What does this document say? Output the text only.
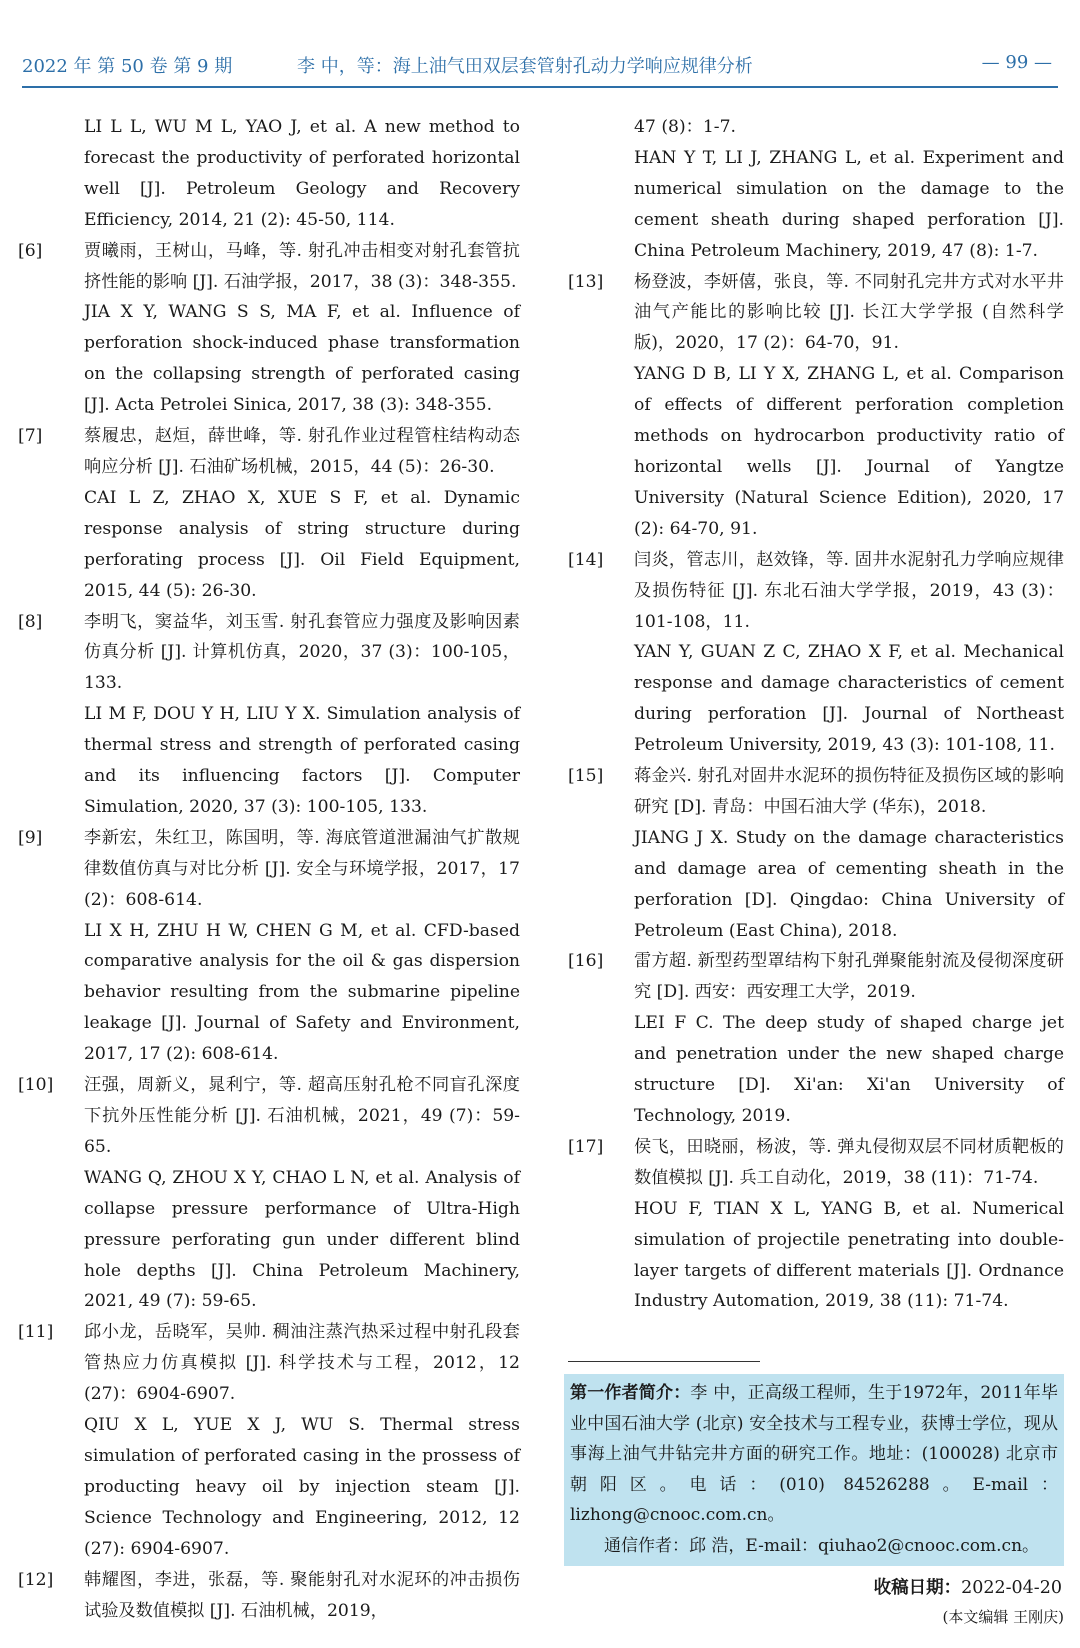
2022 年 第 50 卷 第 9 期	李 中，等：海上油气田双层套管射孔动力学响应规律分析	— 99 —
LI L L, WU M L, YAO J, et al. A new method to forecast the productivity of perforated horizontal well [J]. Petroleum Geology and Recovery Efficiency, 2014, 21 (2): 45-50, 114.
[6]	贾曦雨，王树山，马峰，等. 射孔冲击相变对射孔套管抗挤性能的影响 [J]. 石油学报，2017，38 (3)：348-355.
JIA X Y, WANG S S, MA F, et al. Influence of perforation shock-induced phase transformation on the collapsing strength of perforated casing [J]. Acta Petrolei Sinica, 2017, 38 (3): 348-355.
[7]	蔡履忠，赵烜，薛世峰，等. 射孔作业过程管柱结构动态响应分析 [J]. 石油矿场机械，2015，44 (5)：26-30.
CAI L Z, ZHAO X, XUE S F, et al. Dynamic response analysis of string structure during perforating process [J]. Oil Field Equipment, 2015, 44 (5): 26-30.
[8]	李明飞，窦益华，刘玉雪. 射孔套管应力强度及影响因素仿真分析 [J]. 计算机仿真，2020，37 (3)：100-105，133.
LI M F, DOU Y H, LIU Y X. Simulation analysis of thermal stress and strength of perforated casing and its influencing factors [J]. Computer Simulation, 2020, 37 (3): 100-105, 133.
[9]	李新宏，朱红卫，陈国明，等. 海底管道泄漏油气扩散规律数值仿真与对比分析 [J]. 安全与环境学报，2017，17 (2)：608-614.
LI X H, ZHU H W, CHEN G M, et al. CFD-based comparative analysis for the oil & gas dispersion behavior resulting from the submarine pipeline leakage [J]. Journal of Safety and Environment, 2017, 17 (2): 608-614.
[10]	汪强，周新义，晁利宁，等. 超高压射孔枪不同盲孔深度下抗外压性能分析 [J]. 石油机械，2021，49 (7)：59-65.
WANG Q, ZHOU X Y, CHAO L N, et al. Analysis of collapse pressure performance of Ultra-High pressure perforating gun under different blind hole depths [J]. China Petroleum Machinery, 2021, 49 (7): 59-65.
[11]	邱小龙，岳晓军，吴帅. 稠油注蒸汽热采过程中射孔段套管热应力仿真模拟 [J]. 科学技术与工程，2012，12 (27)：6904-6907.
QIU X L, YUE X J, WU S. Thermal stress simulation of perforated casing in the prossess of producting heavy oil by injection steam [J]. Science Technology and Engineering, 2012, 12 (27): 6904-6907.
[12]	韩耀图，李进，张磊，等. 聚能射孔对水泥环的冲击损伤试验及数值模拟 [J]. 石油机械，2019，
47 (8)：1-7.
HAN Y T, LI J, ZHANG L, et al. Experiment and numerical simulation on the damage to the cement sheath during shaped perforation [J]. China Petroleum Machinery, 2019, 47 (8): 1-7.
[13]	杨登波，李妍僖，张良，等. 不同射孔完井方式对水平井油气产能比的影响比较 [J]. 长江大学学报 (自然科学版)，2020，17 (2)：64-70，91.
YANG D B, LI Y X, ZHANG L, et al. Comparison of effects of different perforation completion methods on hydrocarbon productivity ratio of horizontal wells [J]. Journal of Yangtze University (Natural Science Edition), 2020, 17 (2): 64-70, 91.
[14]	闫炎，管志川，赵效锋，等. 固井水泥射孔力学响应规律及损伤特征 [J]. 东北石油大学学报，2019，43 (3)：101-108，11.
YAN Y, GUAN Z C, ZHAO X F, et al. Mechanical response and damage characteristics of cement during perforation [J]. Journal of Northeast Petroleum University, 2019, 43 (3): 101-108, 11.
[15]	蒋金兴. 射孔对固井水泥环的损伤特征及损伤区域的影响研究 [D]. 青岛：中国石油大学 (华东)，2018.
JIANG J X. Study on the damage characteristics and damage area of cementing sheath in the perforation [D]. Qingdao: China University of Petroleum (East China), 2018.
[16]	雷方超. 新型药型罩结构下射孔弹聚能射流及侵彻深度研究 [D]. 西安：西安理工大学，2019.
LEI F C. The deep study of shaped charge jet and penetration under the new shaped charge structure [D]. Xi'an: Xi'an University of Technology, 2019.
[17]	侯飞，田晓丽，杨波，等. 弹丸侵彻双层不同材质靶板的数值模拟 [J]. 兵工自动化，2019，38 (11)：71-74.
HOU F, TIAN X L, YANG B, et al. Numerical simulation of projectile penetrating into double-layer targets of different materials [J]. Ordnance Industry Automation, 2019, 38 (11): 71-74.

第一作者简介：李 中，正高级工程师，生于1972年，2011年毕业中国石油大学 (北京) 安全技术与工程专业，获博士学位，现从事海上油气井钻完井方面的研究工作。地址：(100028) 北京市朝阳区。电话：(010) 84526288。E-mail：lizhong@cnooc.com.cn。

通信作者：邱 浩，E-mail：qiuhao2@cnooc.com.cn。

收稿日期：2022-04-20
(本文编辑 王刚庆)
